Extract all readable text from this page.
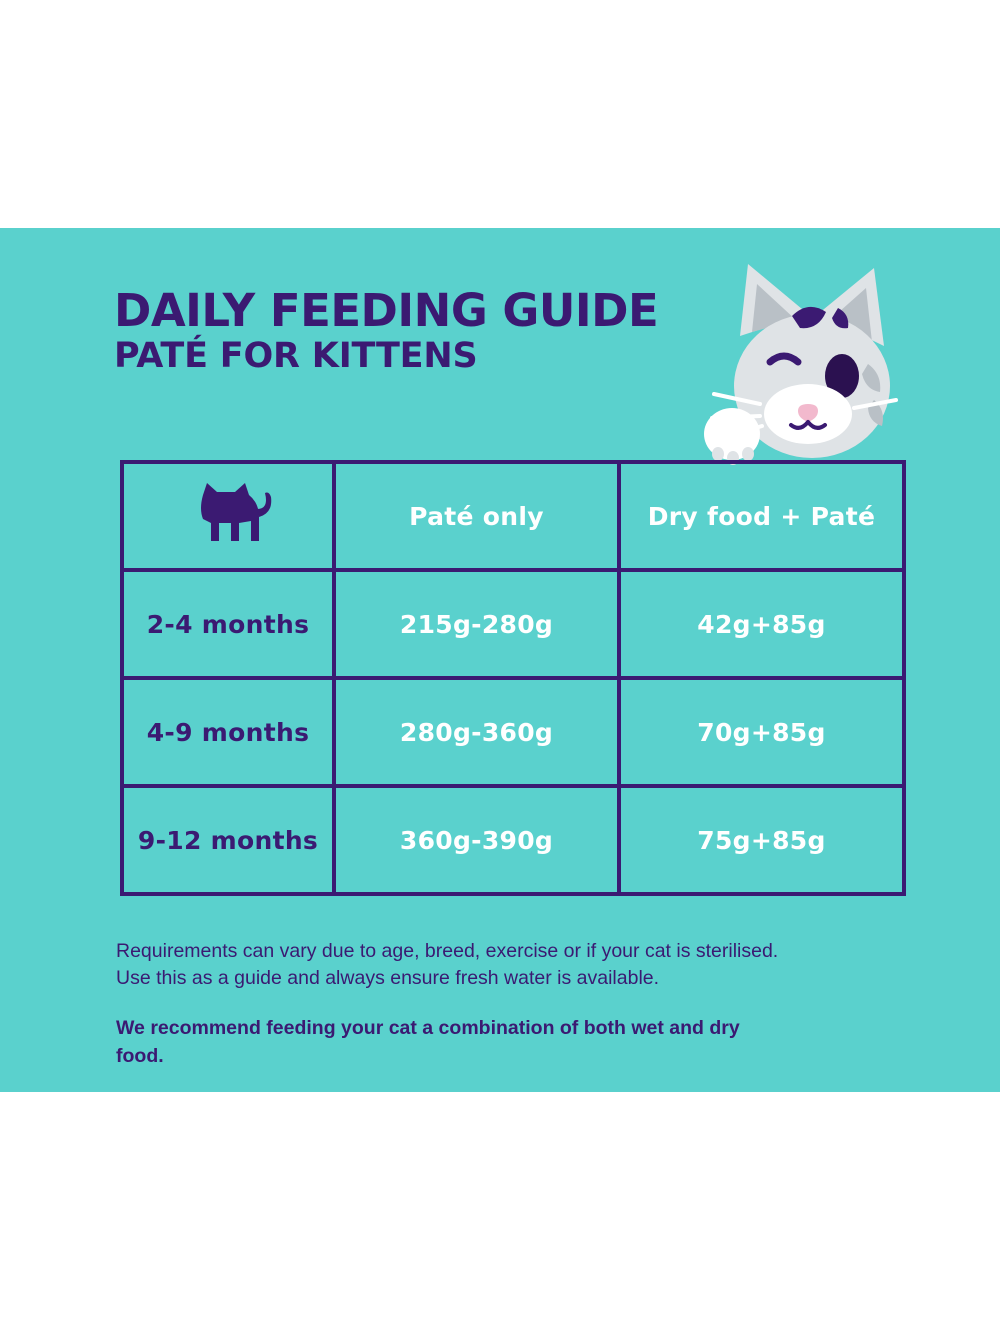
DAILY FEEDING GUIDE
PATÉ FOR KITTENS
	Paté only	Dry food + Paté
2-4 months	215g-280g	42g+85g
4-9 months	280g-360g	70g+85g
9-12 months	360g-390g	75g+85g

Requirements can vary due to age, breed, exercise or if your cat is sterilised. Use this as a guide and always ensure fresh water is available.

We recommend feeding your cat a combination of both wet and dry food.
